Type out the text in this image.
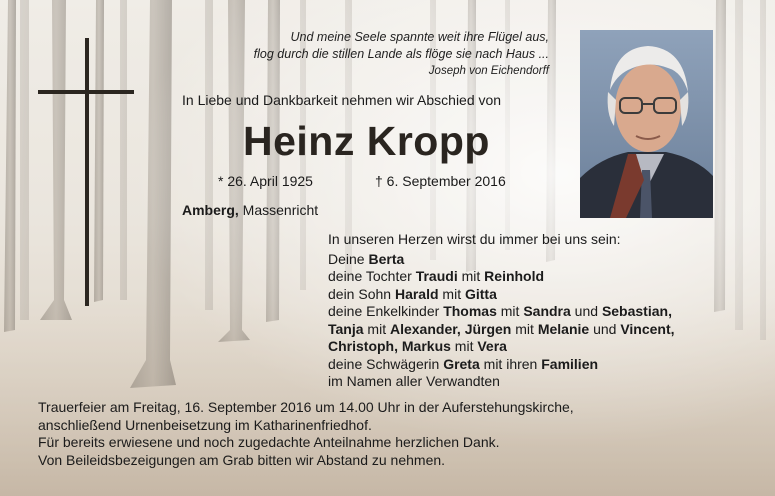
Und meine Seele spannte weit ihre Flügel aus,
flog durch die stillen Lande als flöge sie nach Haus ...
Joseph von Eichendorff
In Liebe und Dankbarkeit nehmen wir Abschied von
Heinz Kropp
* 26. April 1925	† 6. September 2016
Amberg, Massenricht
In unseren Herzen wirst du immer bei uns sein:
Deine Berta
deine Tochter Traudi mit Reinhold
dein Sohn Harald mit Gitta
deine Enkelkinder Thomas mit Sandra und Sebastian,
Tanja mit Alexander, Jürgen mit Melanie und Vincent,
Christoph, Markus mit Vera
deine Schwägerin Greta mit ihren Familien
im Namen aller Verwandten
Trauerfeier am Freitag, 16. September 2016 um 14.00 Uhr in der Auferstehungskirche,
anschließend Urnenbeisetzung im Katharinenfriedhof.
Für bereits erwiesene und noch zugedachte Anteilnahme herzlichen Dank.
Von Beileidsbezeigungen am Grab bitten wir Abstand zu nehmen.
